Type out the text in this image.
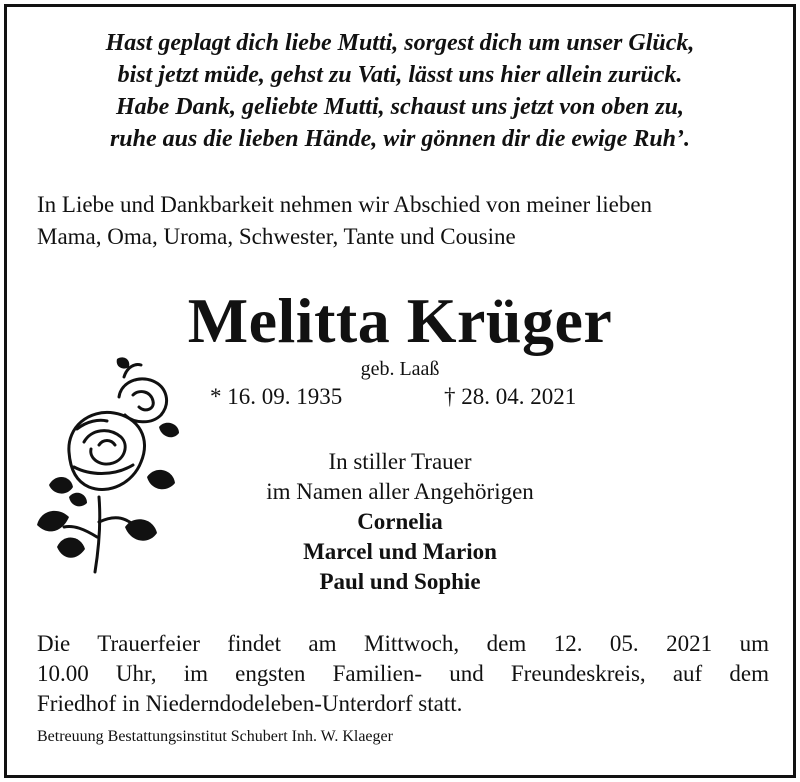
Hast geplagt dich liebe Mutti, sorgest dich um unser Glück,
bist jetzt müde, gehst zu Vati, lässt uns hier allein zurück.
Habe Dank, geliebte Mutti, schaust uns jetzt von oben zu,
ruhe aus die lieben Hände, wir gönnen dir die ewige Ruh’.
In Liebe und Dankbarkeit nehmen wir Abschied von meiner lieben
Mama, Oma, Uroma, Schwester, Tante und Cousine
Melitta Krüger
geb. Laaß
* 16. 09. 1935	† 28. 04. 2021
In stiller Trauer
im Namen aller Angehörigen
Cornelia
Marcel und Marion
Paul und Sophie
Die Trauerfeier findet am Mittwoch, dem 12. 05. 2021 um
10.00 Uhr, im engsten Familien- und Freundeskreis, auf dem
Friedhof in Niederndodeleben-Unterdorf statt.
Betreuung Bestattungsinstitut Schubert Inh. W. Klaeger
